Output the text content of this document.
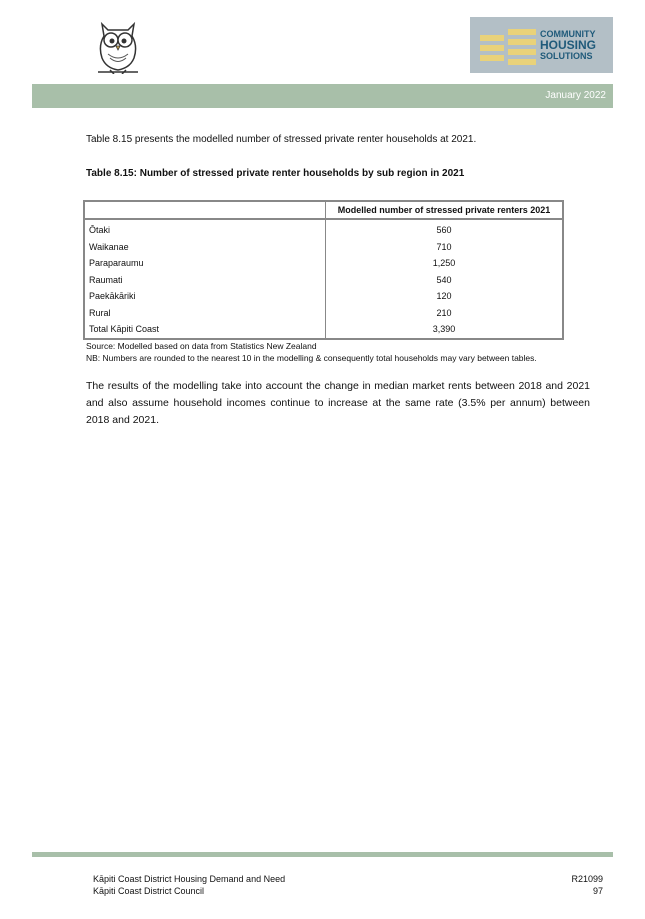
COMMUNITY
HOUSING
SOLUTIONS
January 2022
Table 8.15 presents the modelled number of stressed private renter households at 2021.
Table 8.15: Number of stressed private renter households by sub region in 2021
	Modelled number of stressed private renters 2021
Ōtaki	560
Waikanae	710
Paraparaumu	1,250
Raumati	540
Paekākāriki	120
Rural	210
Total Kāpiti Coast	3,390
Source: Modelled based on data from Statistics New Zealand
NB: Numbers are rounded to the nearest 10 in the modelling & consequently total households may vary between tables.
The results of the modelling take into account the change in median market rents between 2018 and 2021 and also assume household incomes continue to increase at the same rate (3.5% per annum) between 2018 and 2021.
Kāpiti Coast District Housing Demand and Need
Kāpiti Coast District Council
R21099
97
